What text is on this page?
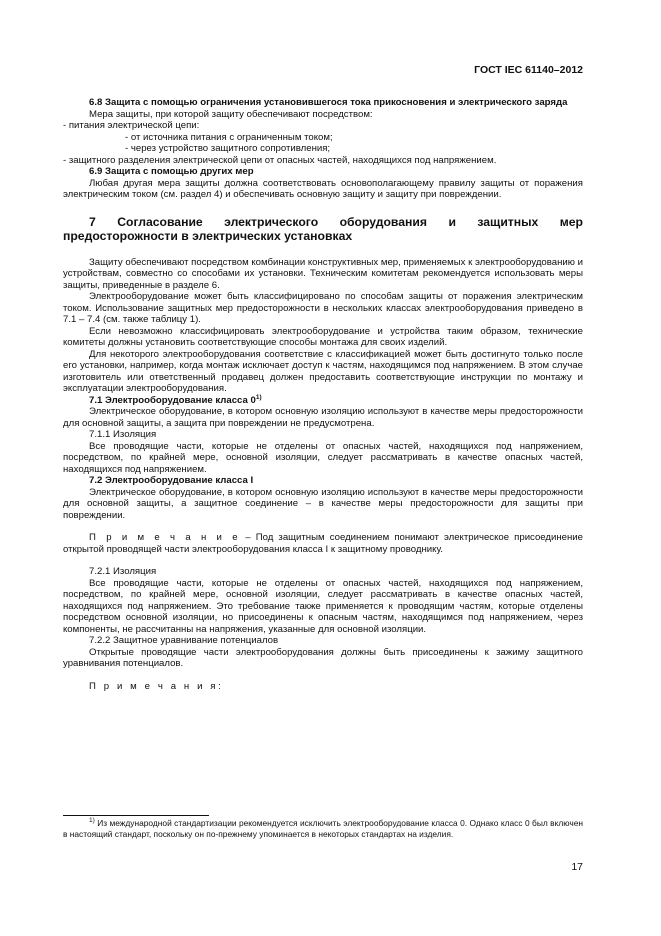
ГОСТ IEC 61140–2012
6.8 Защита с помощью ограничения установившегося тока прикосновения и электрического заряда
Мера защиты, при которой защиту обеспечивают посредством:
- питания электрической цепи:
- от источника питания с ограниченным током;
- через устройство защитного сопротивления;
- защитного разделения электрической цепи от опасных частей, находящихся под напряжением.
6.9 Защита с помощью других мер
Любая другая мера защиты должна соответствовать основополагающему правилу защиты от поражения электрическим током (см. раздел 4) и обеспечивать основную защиту и защиту при повреждении.
7 Согласование электрического оборудования и защитных мер предосторожности в электрических установках
Защиту обеспечивают посредством комбинации конструктивных мер, применяемых к электрооборудованию и устройствам, совместно со способами их установки. Техническим комитетам рекомендуется использовать меры защиты, приведенные в разделе 6.
Электрооборудование может быть классифицировано по способам защиты от поражения электрическим током. Использование защитных мер предосторожности в нескольких классах электрооборудования приведено в 7.1 – 7.4 (см. также таблицу 1).
Если невозможно классифицировать электрооборудование и устройства таким образом, технические комитеты должны установить соответствующие способы монтажа для своих изделий.
Для некоторого электрооборудования соответствие с классификацией может быть достигнуто только после его установки, например, когда монтаж исключает доступ к частям, находящимся под напряжением. В этом случае изготовитель или ответственный продавец должен предоставить соответствующие инструкции по монтажу и эксплуатации электрооборудования.
7.1 Электрооборудование класса 0$^{1)}$
Электрическое оборудование, в котором основную изоляцию используют в качестве меры предосторожности для основной защиты, а защита при повреждении не предусмотрена.
7.1.1 Изоляция
Все проводящие части, которые не отделены от опасных частей, находящихся под напряжением, посредством, по крайней мере, основной изоляции, следует рассматривать в качестве опасных частей, находящихся под напряжением.
7.2 Электрооборудование класса I
Электрическое оборудование, в котором основную изоляцию используют в качестве меры предосторожности для основной защиты, а защитное соединение – в качестве меры предосторожности для защиты при повреждении.
П р и м е ч а н и е – Под защитным соединением понимают электрическое присоединение открытой проводящей части электрооборудования класса I к защитному проводнику.
7.2.1 Изоляция
Все проводящие части, которые не отделены от опасных частей, находящихся под напряжением, посредством, по крайней мере, основной изоляции, следует рассматривать в качестве опасных частей, находящихся под напряжением. Это требование также применяется к проводящим частям, которые отделены посредством основной изоляции, но присоединены к опасным частям, находящимся под напряжением, через компоненты, не рассчитанны на напряжения, указанные для основной изоляции.
7.2.2 Защитное уравнивание потенциалов
Открытые проводящие части электрооборудования должны быть присоединены к зажиму защитного уравнивания потенциалов.
П р и м е ч а н и я:
$^{1)}$ Из международной стандартизации рекомендуется исключить электрооборудование класса 0. Однако класс 0 был включен в настоящий стандарт, поскольку он по-прежнему упоминается в некоторых стандартах на изделия.
17
